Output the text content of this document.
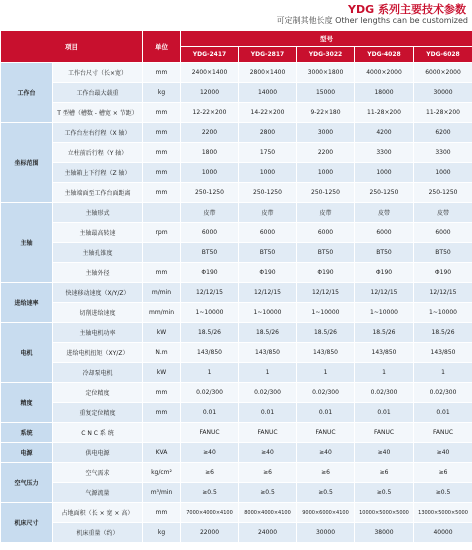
YDG 系列主要技术参数
可定制其他长度 Other lengths can be customized
项目		单位	型号				
			YDG-2417	YDG-2817	YDG-3022	YDG-4028	YDG-6028
工作台	工作台尺寸（长×宽）	mm	2400×1400	2800×1400	3000×1800	4000×2000	6000×2000
	工作台最大载重	kg	12000	14000	15000	18000	30000
	T 型槽（槽数 - 槽宽 × 节距）	mm	12-22×200	14-22×200	9-22×180	11-28×200	11-28×200
坐标范围	工作台左右行程（X 轴）	mm	2200	2800	3000	4200	6200
	立柱前后行程（Y 轴）	mm	1800	1750	2200	3300	3300
	主轴箱上下行程（Z 轴）	mm	1000	1000	1000	1000	1000
	主轴端面至工作台面距离	mm	250-1250	250-1250	250-1250	250-1250	250-1250
主轴	主轴形式		皮带	皮带	皮带	皮带	皮带
	主轴最高转速	rpm	6000	6000	6000	6000	6000
	主轴孔锥度		BT50	BT50	BT50	BT50	BT50
	主轴外径	mm	Φ190	Φ190	Φ190	Φ190	Φ190
进给速率	快速移动速度（X/Y/Z）	m/min	12/12/15	12/12/15	12/12/15	12/12/15	12/12/15
	切削进给速度	mm/min	1~10000	1~10000	1~10000	1~10000	1~10000
电机	主轴电机功率	kW	18.5/26	18.5/26	18.5/26	18.5/26	18.5/26
	进给电机扭矩（XY/Z）	N.m	143/850	143/850	143/850	143/850	143/850
	冷却泵电机	kW	1	1	1	1	1
精度	定位精度	mm	0.02/300	0.02/300	0.02/300	0.02/300	0.02/300
	重复定位精度	mm	0.01	0.01	0.01	0.01	0.01
系统	C N C 系 统		FANUC	FANUC	FANUC	FANUC	FANUC
电源	供电电源	KVA	≥40	≥40	≥40	≥40	≥40
空气压力	空气需求	kg/cm²	≥6	≥6	≥6	≥6	≥6
	气源流量	m³/min	≥0.5	≥0.5	≥0.5	≥0.5	≥0.5
机床尺寸	占地面积（长 × 宽 × 高）	mm	7000×4000×4100	8000×4000×4100	9000×6000×4100	10000×5000×5000	13000×5000×5000
	机床重量（约）	kg	22000	24000	30000	38000	40000
